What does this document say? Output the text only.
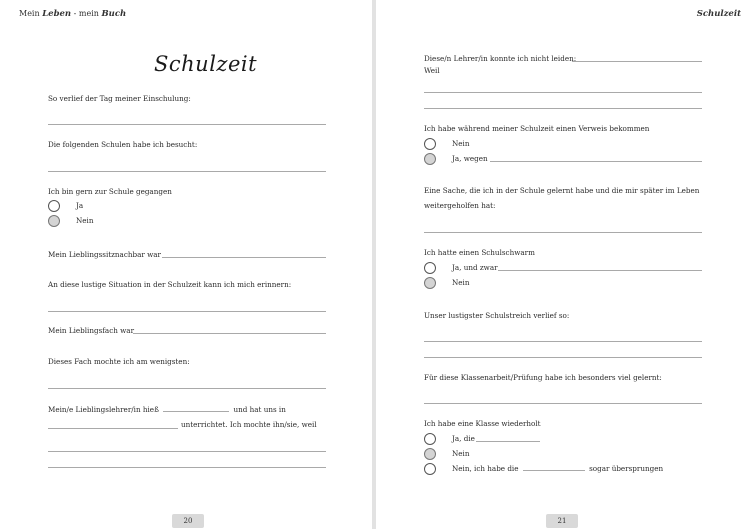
Mein Leben - mein Buch
Schulzeit
So verlief der Tag meiner Einschulung:
Die folgenden Schulen habe ich besucht:
Ich bin gern zur Schule gegangen
Ja
Nein
Mein Lieblingssitznachbar war
An diese lustige Situation in der Schulzeit kann ich mich erinnern:
Mein Lieblingsfach war
Dieses Fach mochte ich am wenigsten:
Mein/e Lieblingslehrer/in hieß	und hat uns in
unterrichtet. Ich mochte ihn/sie, weil
20
Schulzeit
Diese/n Lehrer/in konnte ich nicht leiden:
Weil
Ich habe während meiner Schulzeit einen Verweis bekommen
Nein
Ja, wegen
Eine Sache, die ich in der Schule gelernt habe und die mir später im Leben
weitergeholfen hat:
Ich hatte einen Schulschwarm
Ja, und zwar
Nein
Unser lustigster Schulstreich verlief so:
Für diese Klassenarbeit/Prüfung habe ich besonders viel gelernt:
Ich habe eine Klasse wiederholt
Ja, die
Nein
Nein, ich habe die	sogar übersprungen
21
